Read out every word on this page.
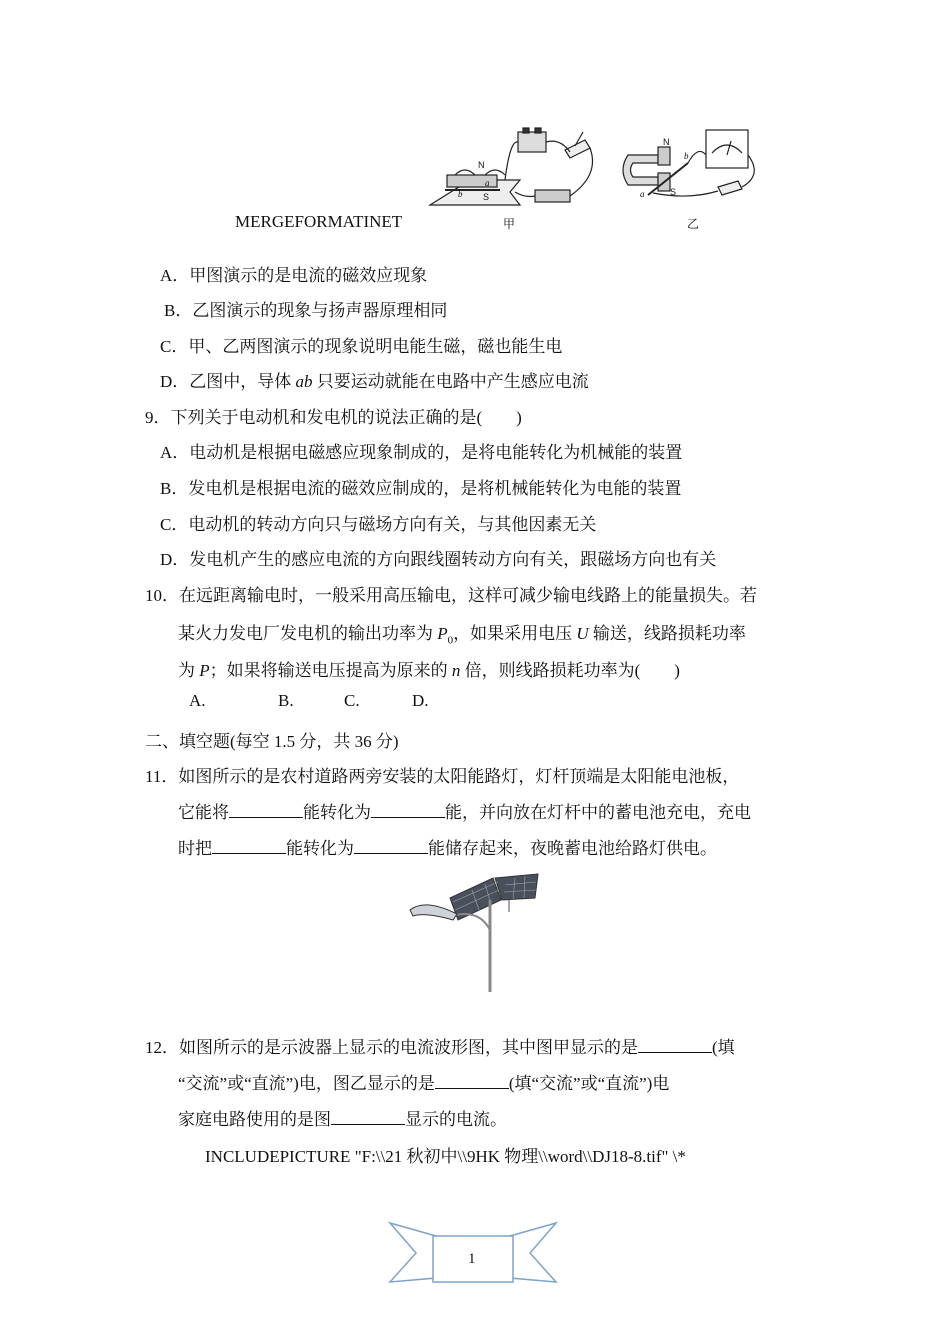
N
S
b
a
N
S
a
b
MERGEFORMATINET	甲	乙
A．甲图演示的是电流的磁效应现象
B．乙图演示的现象与扬声器原理相同
C．甲、乙两图演示的现象说明电能生磁，磁也能生电
D．乙图中，导体 ab 只要运动就能在电路中产生感应电流
9．下列关于电动机和发电机的说法正确的是(　　)
A．电动机是根据电磁感应现象制成的，是将电能转化为机械能的装置
B．发电机是根据电流的磁效应制成的，是将机械能转化为电能的装置
C．电动机的转动方向只与磁场方向有关，与其他因素无关
D．发电机产生的感应电流的方向跟线圈转动方向有关，跟磁场方向也有关
10．在远距离输电时，一般采用高压输电，这样可减少输电线路上的能量损失。若
某火力发电厂发电机的输出功率为 $P_0$，如果采用电压 U 输送，线路损耗功率
为 P；如果将输送电压提高为原来的 n 倍，则线路损耗功率为(　　)
A.	B.	C.	D.
二、填空题(每空 1.5 分，共 36 分)
11．如图所示的是农村道路两旁安装的太阳能路灯，灯杆顶端是太阳能电池板，
它能将	能转化为	能，并向放在灯杆中的蓄电池充电，充电
时把	能转化为	能储存起来，夜晚蓄电池给路灯供电。
12．如图所示的是示波器上显示的电流波形图，其中图甲显示的是	(填
“交流”或“直流”)电，图乙显示的是	(填“交流”或“直流”)电
家庭电路使用的是图	显示的电流。
INCLUDEPICTURE "F:\\21 秋初中\\9HK 物理\\word\\DJ18-8.tif" \*
1
